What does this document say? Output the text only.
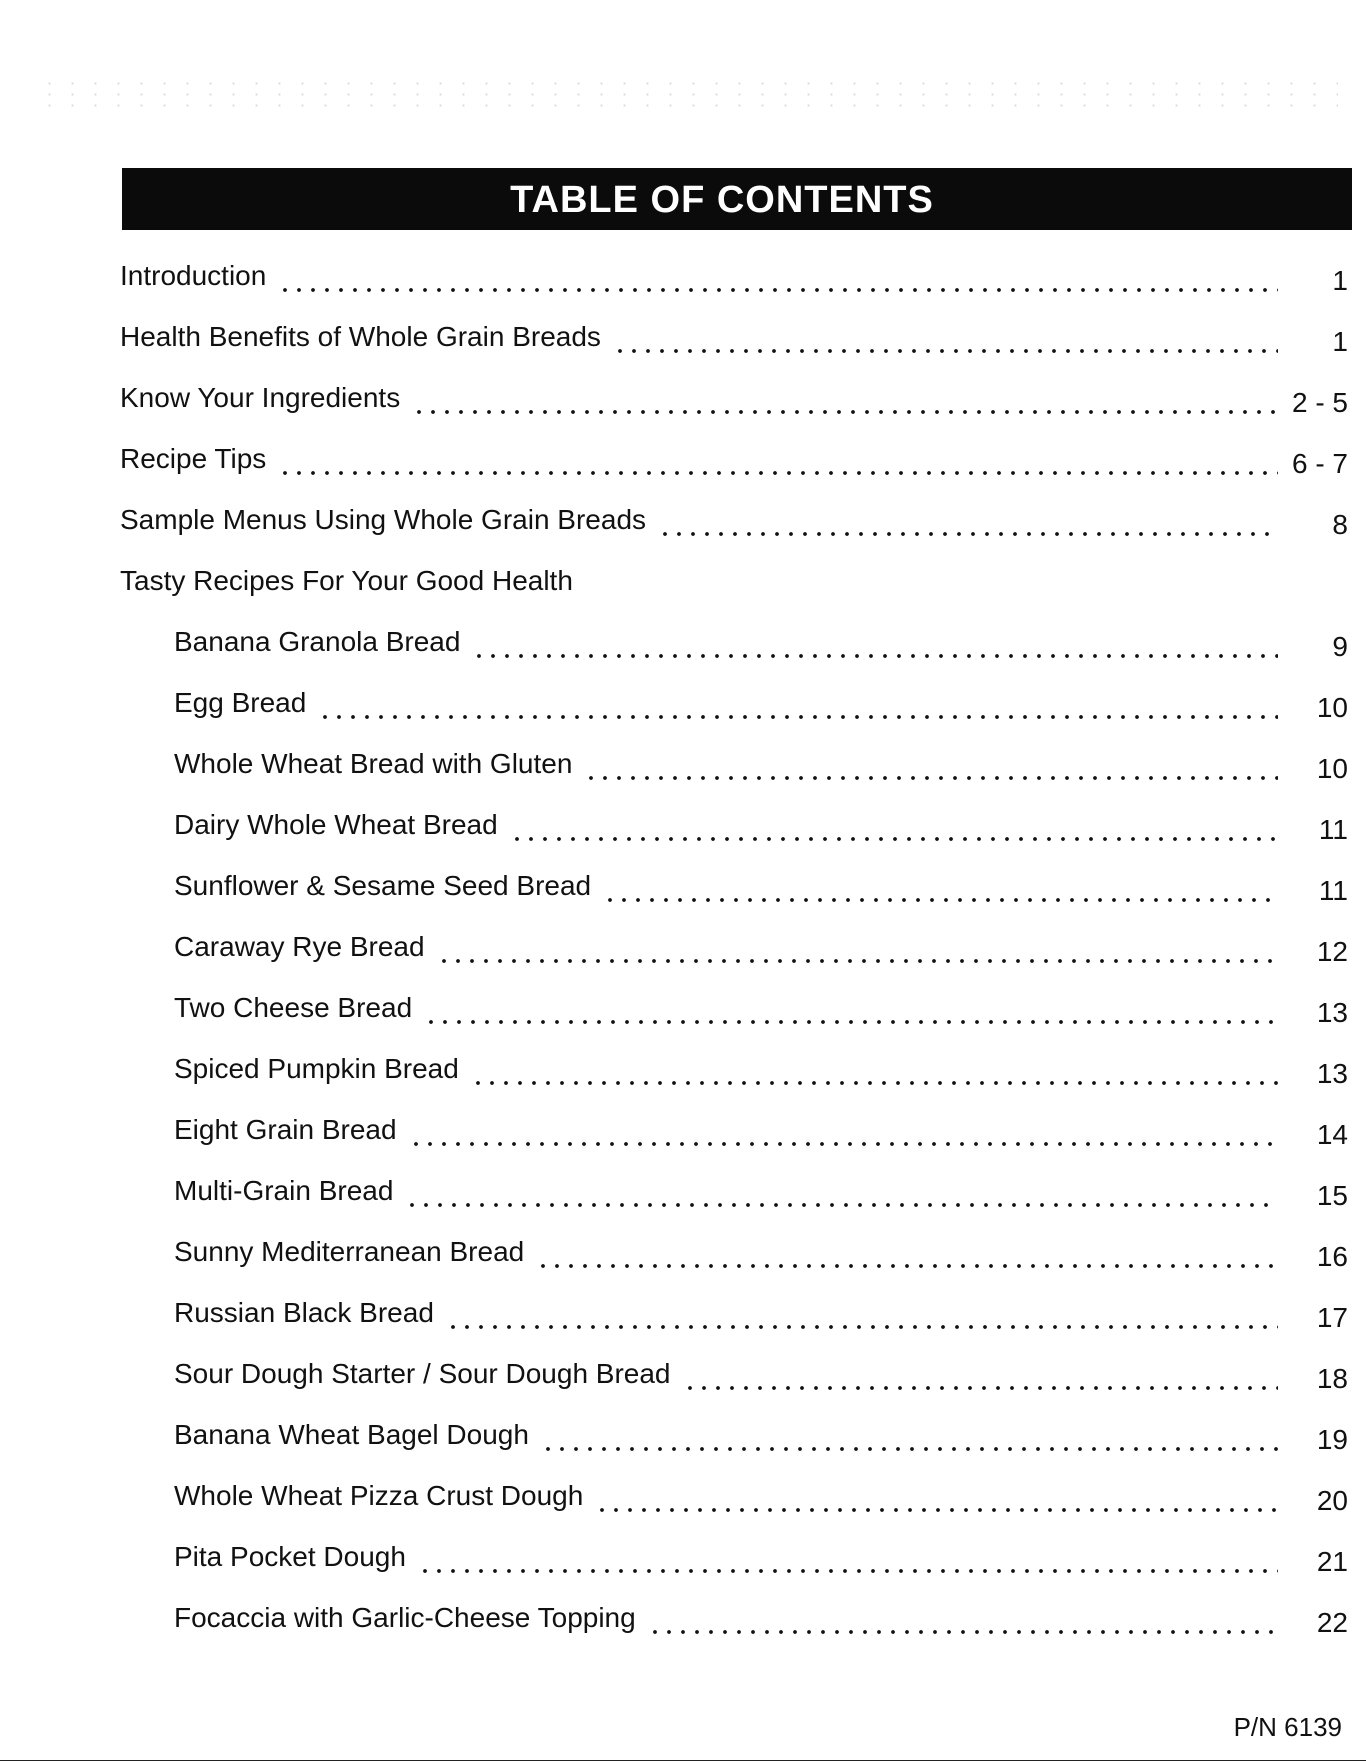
TABLE OF CONTENTS
Introduction	1
Health Benefits of Whole Grain Breads	1
Know Your Ingredients	2 - 5
Recipe Tips	6 - 7
Sample Menus Using Whole Grain Breads	8
Tasty Recipes For Your Good Health
Banana Granola Bread	9
Egg Bread	10
Whole Wheat Bread with Gluten	10
Dairy Whole Wheat Bread	11
Sunflower & Sesame Seed Bread	11
Caraway Rye Bread	12
Two Cheese Bread	13
Spiced Pumpkin Bread	13
Eight Grain Bread	14
Multi-Grain Bread	15
Sunny Mediterranean Bread	16
Russian Black Bread	17
Sour Dough Starter / Sour Dough Bread	18
Banana Wheat Bagel Dough	19
Whole Wheat Pizza Crust Dough	20
Pita Pocket Dough	21
Focaccia with Garlic-Cheese Topping	22
P/N 6139
